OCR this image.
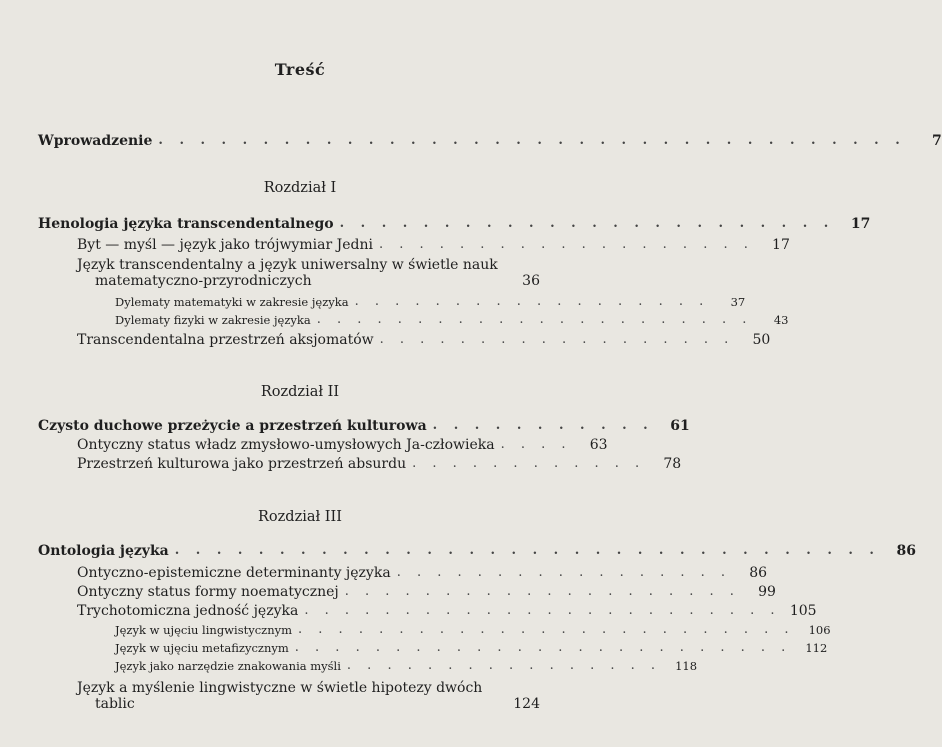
Treść
Wprowadzenie . . . . . . . . . . . . . . . . . . . . . . . . . . . . . . . . . . . .	7
Rozdział I
Henologia języka transcendentalnego . . . . . . . . . . . . . . . . . . . . . . . .	17
Byt — myśl — język jako trójwymiar Jedni . . . . . . . . . . . . . . . . . . .	17
Język transcendentalny a język uniwersalny w świetle nauk
matematyczno-przyrodniczych	36
Dylematy matematyki w zakresie języka . . . . . . . . . . . . . . . . . .	37
Dylematy fizyki w zakresie języka . . . . . . . . . . . . . . . . . . . . . .	43
Transcendentalna przestrzeń aksjomatów . . . . . . . . . . . . . . . . . .	50
Rozdział II
Czysto duchowe przeżycie a przestrzeń kulturowa . . . . . . . . . . .	61
Ontyczny status władz zmysłowo-umysłowych Ja-człowieka . . . .	63
Przestrzeń kulturowa jako przestrzeń absurdu . . . . . . . . . . . .	78
Rozdział III
Ontologia języka . . . . . . . . . . . . . . . . . . . . . . . . . . . . . . . . . .	86
Ontyczno-epistemiczne determinanty języka . . . . . . . . . . . . . . . . .	86
Ontyczny status formy noematycznej . . . . . . . . . . . . . . . . . . . .	99
Trychotomiczna jedność języka . . . . . . . . . . . . . . . . . . . . . . . . 105
Język w ujęciu lingwistycznym . . . . . . . . . . . . . . . . . . . . . . . . .	106
Język w ujęciu metafizycznym . . . . . . . . . . . . . . . . . . . . . . . . .	112
Język jako narzędzie znakowania myśli . . . . . . . . . . . . . . . .	118
Język a myślenie lingwistyczne w świetle hipotezy dwóch
tablic	124
